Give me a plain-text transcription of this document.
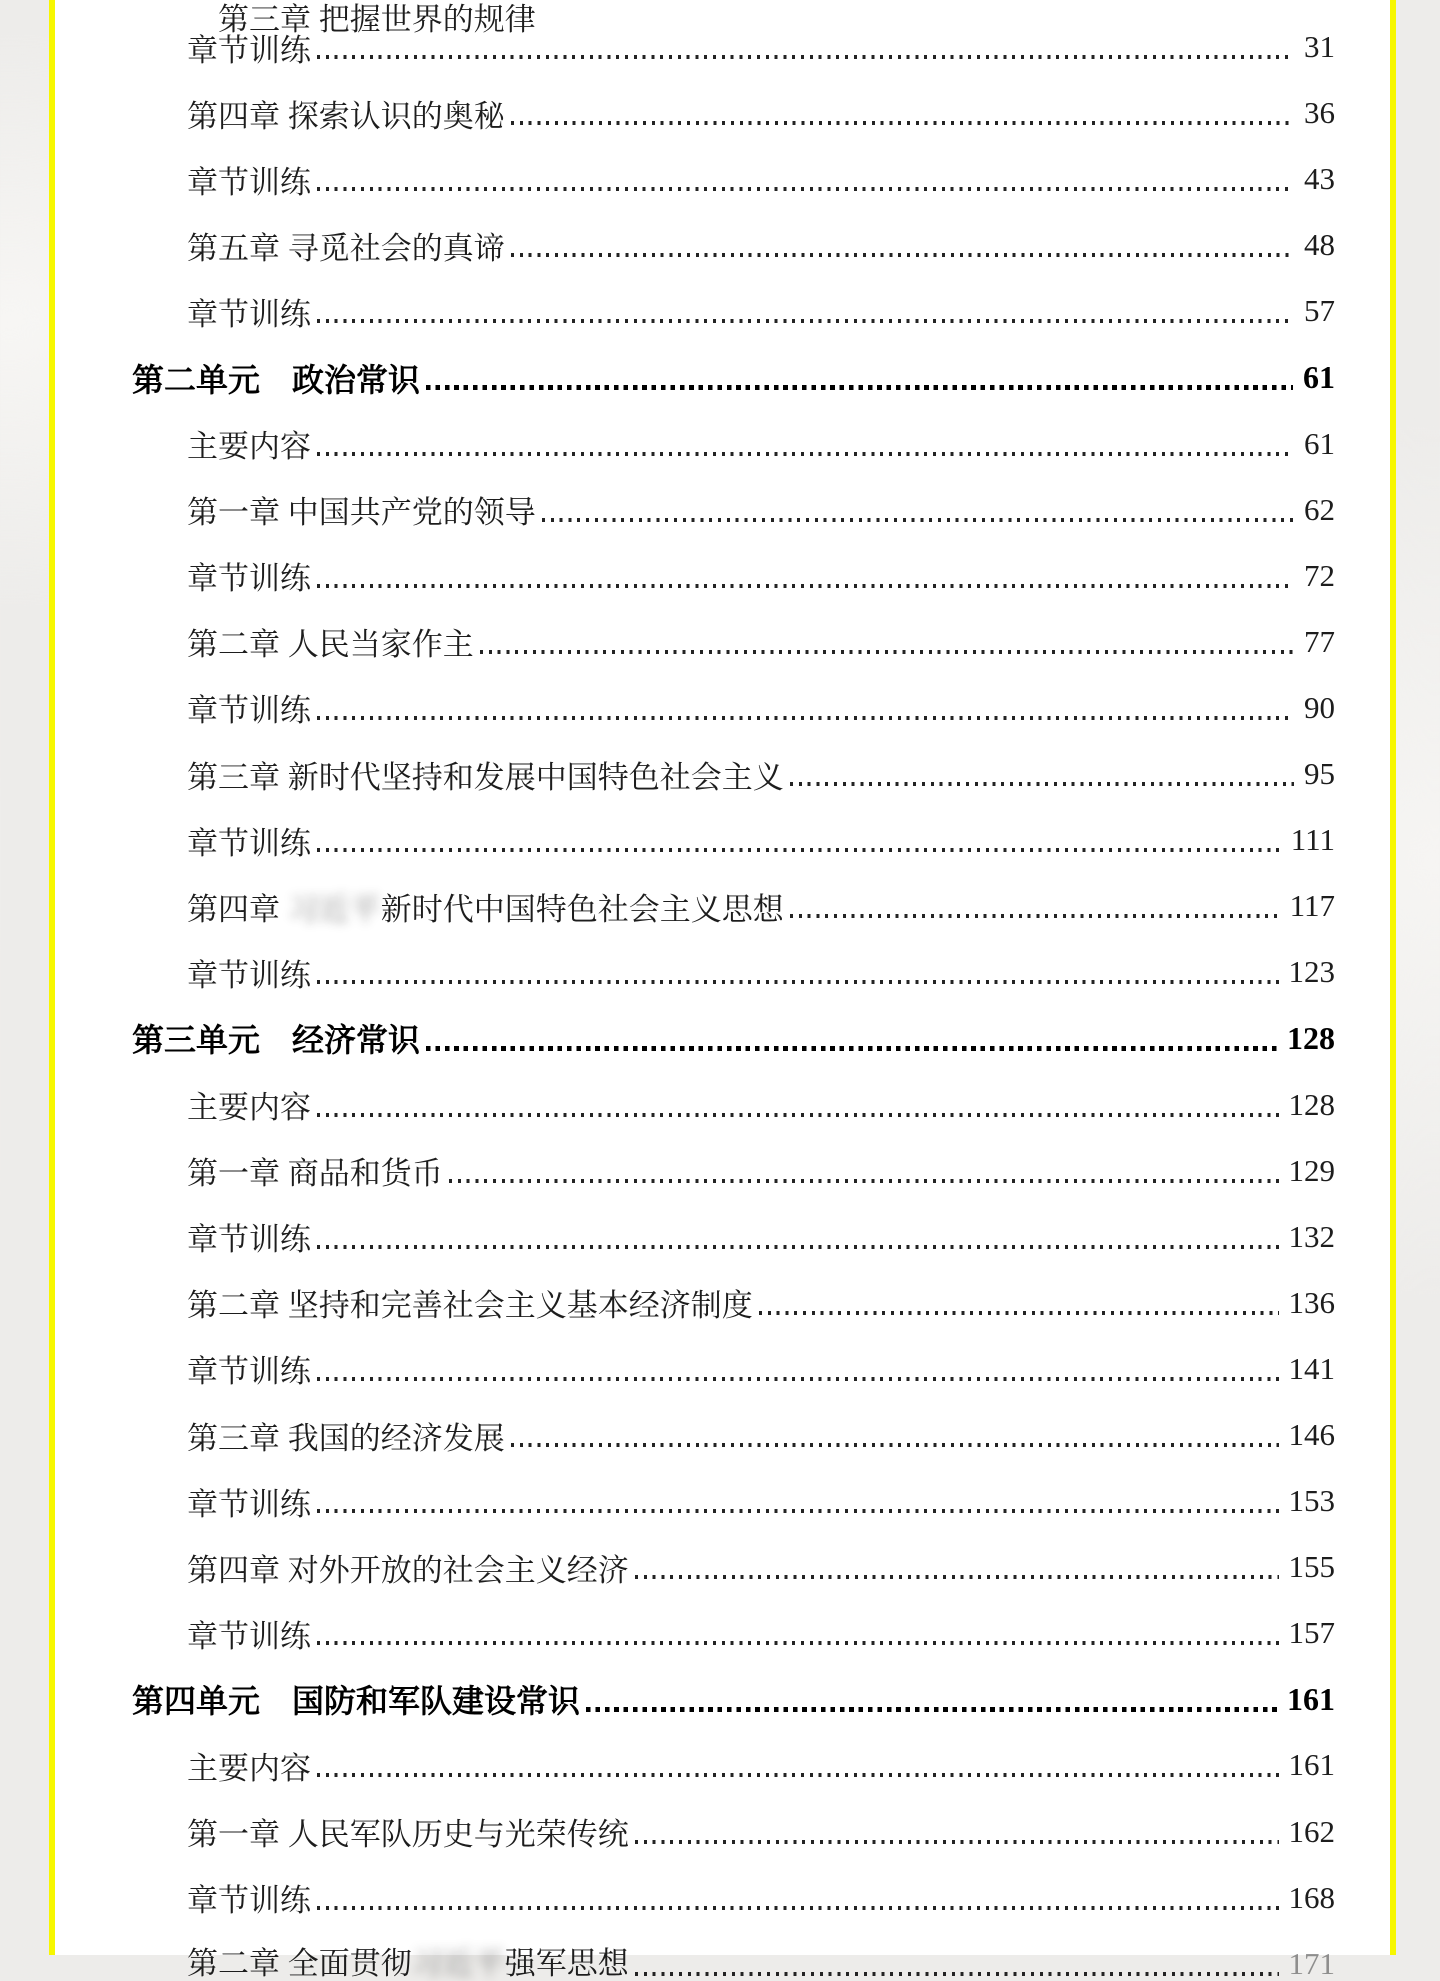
第三章 把握世界的规律

章节训练	31
第四章 探索认识的奥秘	36
章节训练	43
第五章 寻觅社会的真谛	48
章节训练	57
第二单元　政治常识	61
主要内容	61
第一章 中国共产党的领导	62
章节训练	72
第二章 人民当家作主	77
章节训练	90
第三章 新时代坚持和发展中国特色社会主义	95
章节训练	111
第四章 习近平 新时代中国特色社会主义思想	117
章节训练	123
第三单元　经济常识	128
主要内容	128
第一章 商品和货币	129
章节训练	132
第二章 坚持和完善社会主义基本经济制度	136
章节训练	141
第三章 我国的经济发展	146
章节训练	153
第四章 对外开放的社会主义经济	155
章节训练	157
第四单元　国防和军队建设常识	161
主要内容	161
第一章 人民军队历史与光荣传统	162
章节训练	168
第二章 全面贯彻 习近平 强军思想	171
